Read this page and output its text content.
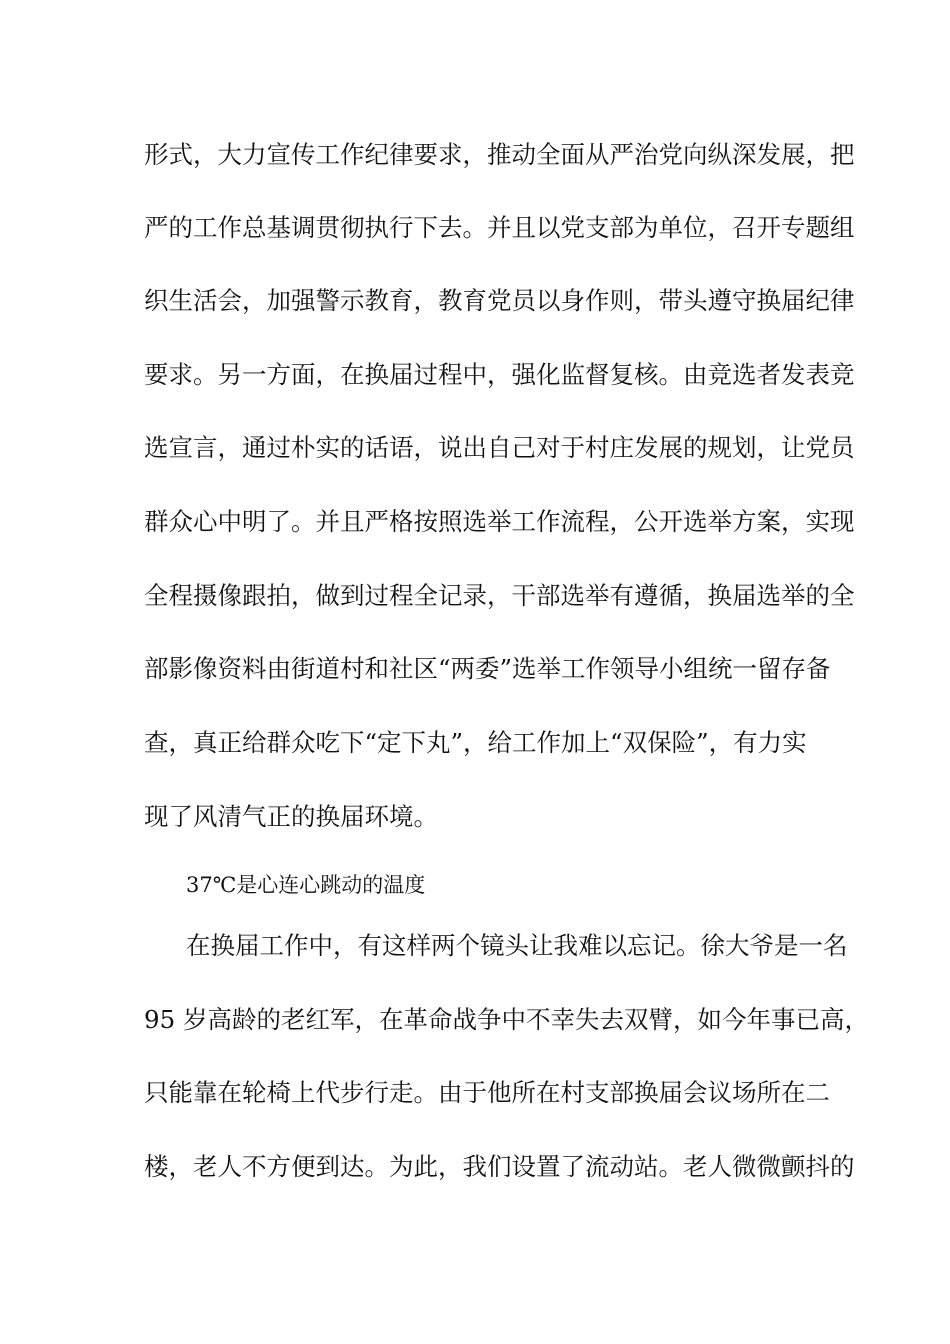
形式，大力宣传工作纪律要求，推动全面从严治党向纵深发展，把
严的工作总基调贯彻执行下去。并且以党支部为单位，召开专题组
织生活会，加强警示教育，教育党员以身作则，带头遵守换届纪律
要求。另一方面，在换届过程中，强化监督复核。由竞选者发表竞
选宣言，通过朴实的话语，说出自己对于村庄发展的规划，让党员
群众心中明了。并且严格按照选举工作流程，公开选举方案，实现
全程摄像跟拍，做到过程全记录，干部选举有遵循，换届选举的全
部影像资料由街道村和社区“两委”选举工作领导小组统一留存备
查，真正给群众吃下“定下丸”，给工作加上“双保险”，有力实
现了风清气正的换届环境。
37℃是心连心跳动的温度
在换届工作中，有这样两个镜头让我难以忘记。徐大爷是一名
95 岁高龄的老红军，在革命战争中不幸失去双臂，如今年事已高，
只能靠在轮椅上代步行走。由于他所在村支部换届会议场所在二
楼，老人不方便到达。为此，我们设置了流动站。老人微微颤抖的
